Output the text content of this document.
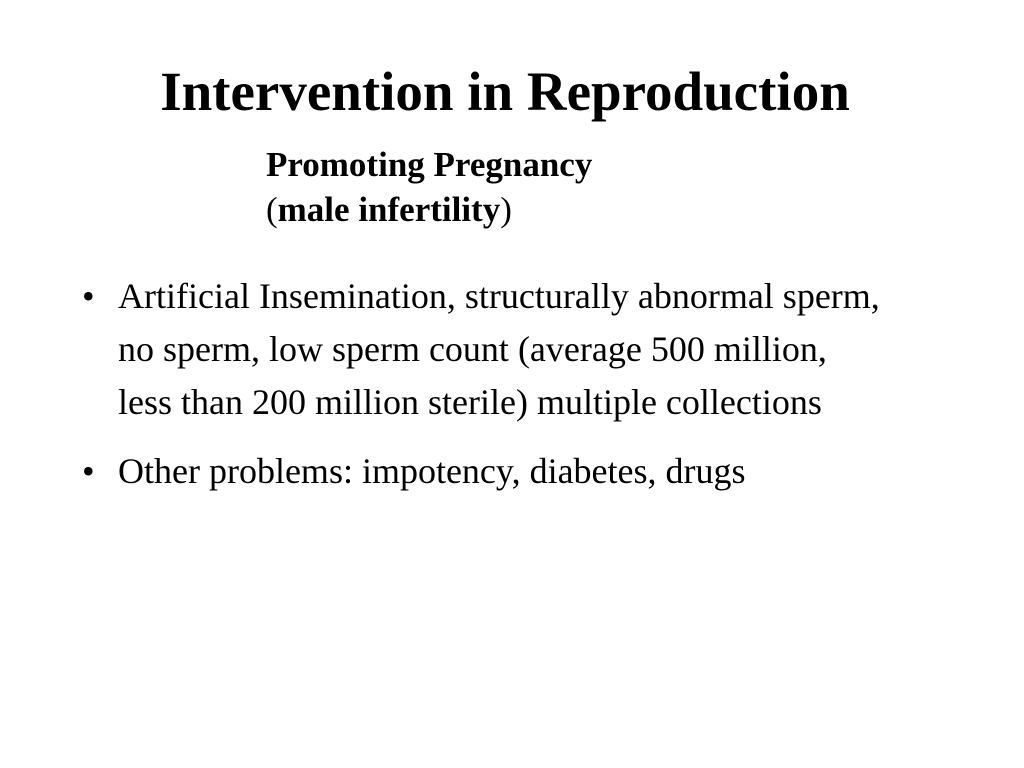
Intervention in Reproduction
Promoting Pregnancy
(male infertility)
• Artificial Insemination, structurally abnormal sperm, no sperm, low sperm count (average 500 million, less than 200 million sterile) multiple collections
• Other problems: impotency, diabetes, drugs
